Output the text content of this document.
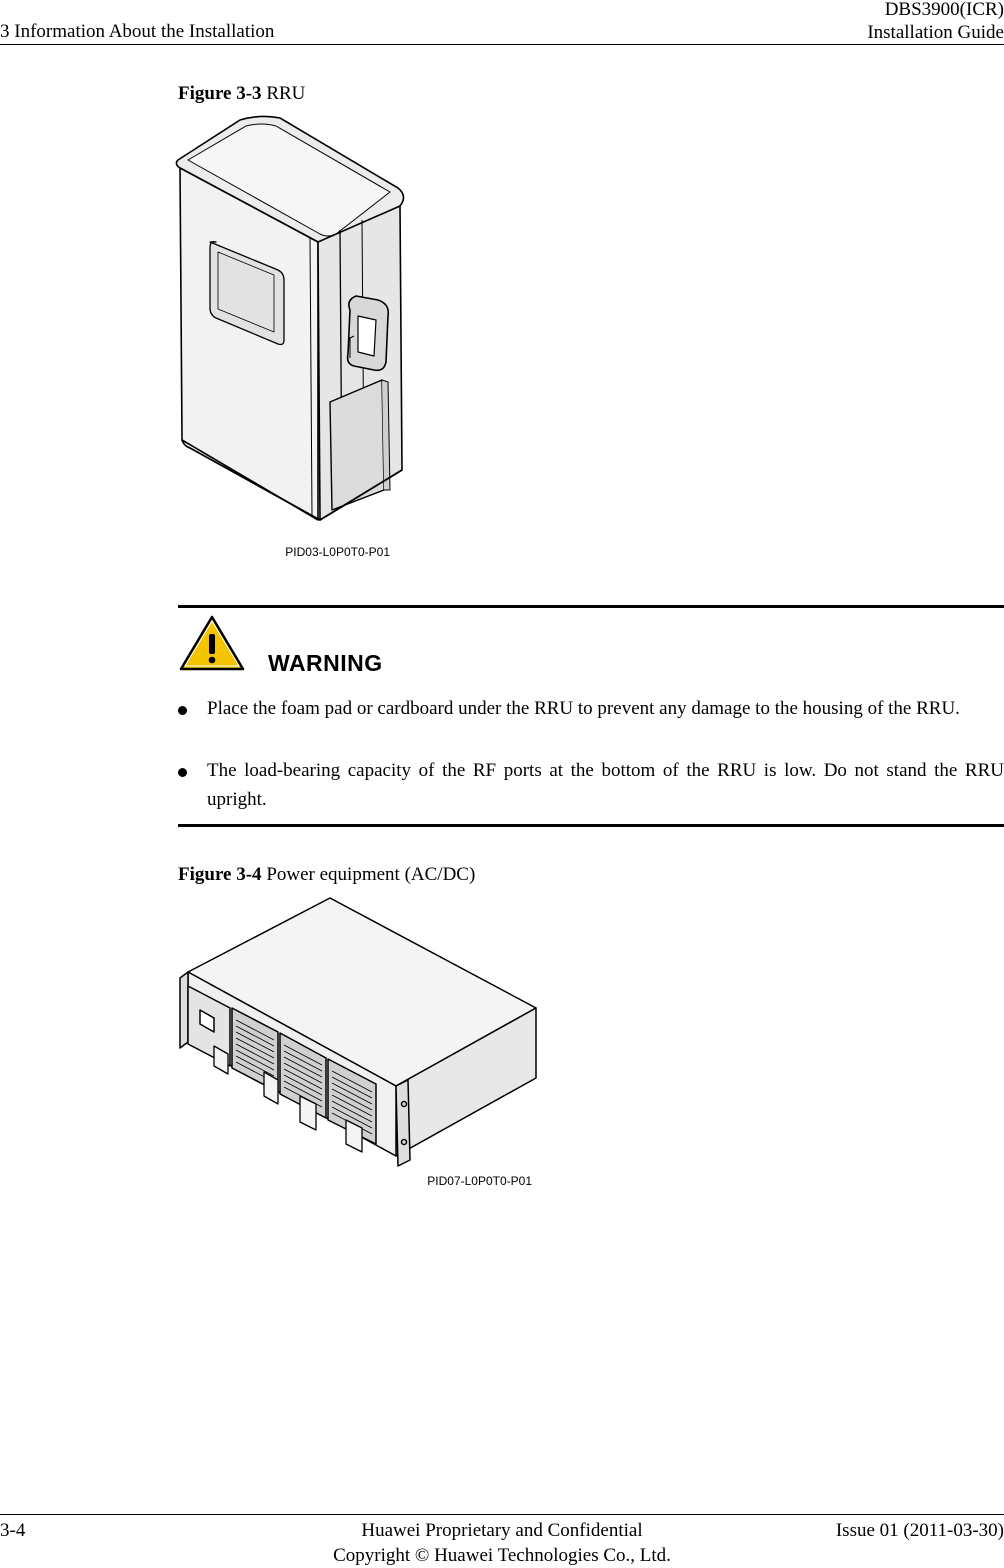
3 Information About the Installation
DBS3900(ICR)
Installation Guide
Figure 3-3 RRU
PID03-L0P0T0-P01
WARNING
Place the foam pad or cardboard under the RRU to prevent any damage to the housing of the RRU.
The load-bearing capacity of the RF ports at the bottom of the RRU is low. Do not stand the RRU upright.
Figure 3-4 Power equipment (AC/DC)
PID07-L0P0T0-P01
3-4	Huawei Proprietary and Confidential
Copyright © Huawei Technologies Co., Ltd.
Issue 01 (2011-03-30)
